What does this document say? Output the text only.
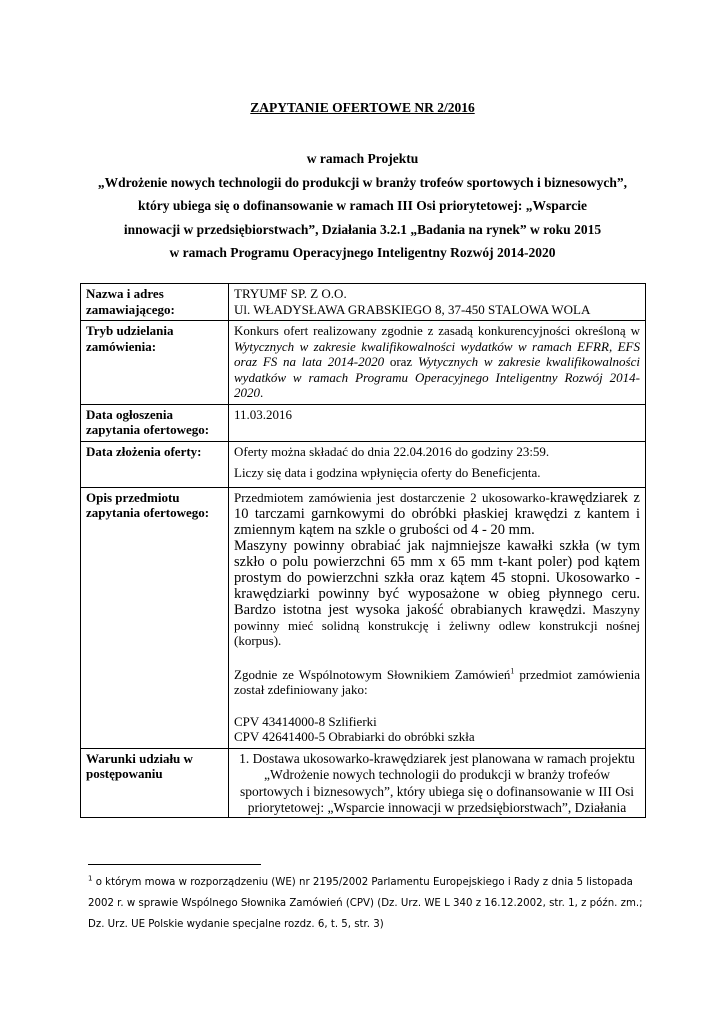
ZAPYTANIE OFERTOWE NR 2/2016
w ramach Projektu
„Wdrożenie nowych technologii do produkcji w branży trofeów sportowych i biznesowych”,
który ubiega się o dofinansowanie w ramach III Osi priorytetowej: „Wsparcie
innowacji w przedsiębiorstwach”, Działania 3.2.1 „Badania na rynek” w roku 2015
w ramach Programu Operacyjnego Inteligentny Rozwój 2014-2020
Nazwa i adres zamawiającego:	TRYUMF SP. Z O.O.
Ul. WŁADYSŁAWA GRABSKIEGO 8, 37-450 STALOWA WOLA

Tryb udzielania zamówienia:	Konkurs ofert realizowany zgodnie z zasadą konkurencyjności określoną w Wytycznych w zakresie kwalifikowalności wydatków w ramach EFRR, EFS oraz FS na lata 2014-2020 oraz Wytycznych w zakresie kwalifikowalności wydatków w ramach Programu Operacyjnego Inteligentny Rozwój 2014-2020.
Data ogłoszenia zapytania ofertowego:	11.03.2016
Data złożenia oferty:	Oferty można składać do dnia 22.04.2016 do godziny 23:59.

Liczy się data i godzina wpłynięcia oferty do Beneficjenta.

Opis przedmiotu zapytania ofertowego:	Przedmiotem zamówienia jest dostarczenie 2 ukosowarko-krawędziarek z 10 tarczami garnkowymi do obróbki płaskiej krawędzi z kantem i zmiennym kątem na szkle o grubości od 4 - 20 mm.

Maszyny powinny obrabiać jak najmniejsze kawałki szkła (w tym szkło o polu powierzchni 65 mm x 65 mm t-kant poler) pod kątem prostym do powierzchni szkła oraz kątem 45 stopni. Ukosowarko - krawędziarki powinny być wyposażone w obieg płynnego ceru. Bardzo istotna jest wysoka jakość obrabianych krawędzi. Maszyny powinny mieć solidną konstrukcję i żeliwny odlew konstrukcji nośnej (korpus).

Zgodnie ze Wspólnotowym Słownikiem Zamówień$^1$ przedmiot zamówienia został zdefiniowany jako:

CPV 43414000-8 Szlifierki

CPV 42641400-5 Obrabiarki do obróbki szkła

Warunki udziału w postępowaniu	1. Dostawa ukosowarko-krawędziarek jest planowana w ramach projektu
„Wdrożenie nowych technologii do produkcji w branży trofeów
sportowych i biznesowych”, który ubiega się o dofinansowanie w III Osi
priorytetowej: „Wsparcie innowacji w przedsiębiorstwach”, Działania
$^1$ o którym mowa w rozporządzeniu (WE) nr 2195/2002 Parlamentu Europejskiego i Rady z dnia 5 listopada 2002 r. w sprawie Wspólnego Słownika Zamówień (CPV) (Dz. Urz. WE L 340 z 16.12.2002, str. 1, z późn. zm.; Dz. Urz. UE Polskie wydanie specjalne rozdz. 6, t. 5, str. 3)
